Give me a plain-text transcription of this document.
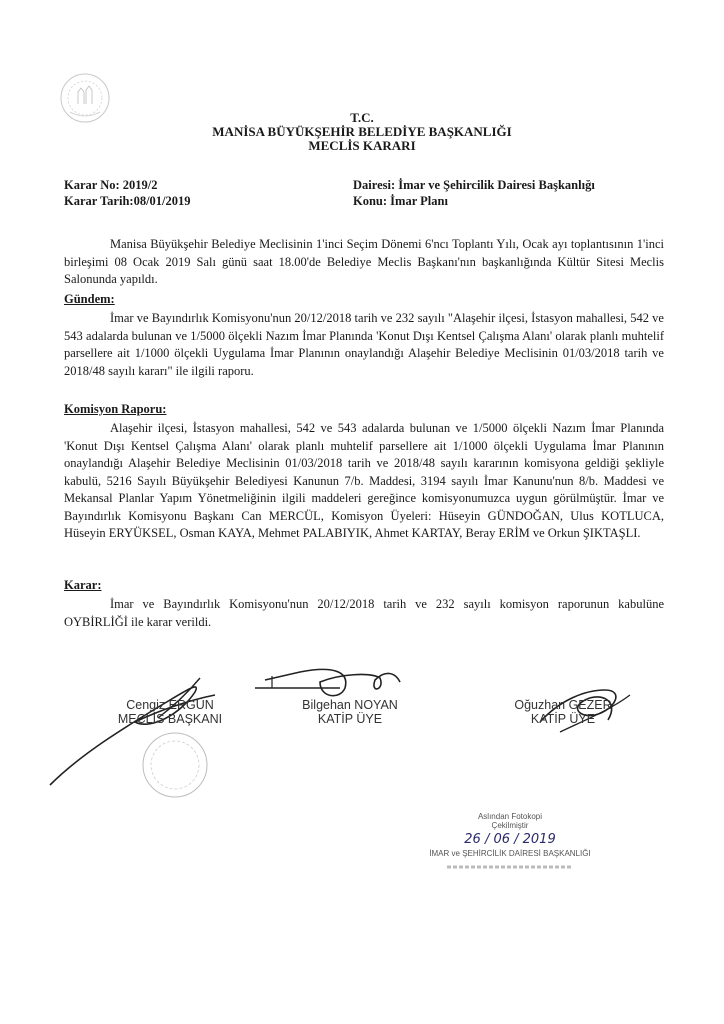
T.C.
MANİSA BÜYÜKŞEHİR BELEDİYE BAŞKANLIĞI
MECLİS KARARI
Karar No: 2019/2
Karar Tarih:08/01/2019
Dairesi: İmar ve Şehircilik Dairesi Başkanlığı
Konu: İmar Planı
Manisa Büyükşehir Belediye Meclisinin 1'inci Seçim Dönemi 6'ncı Toplantı Yılı, Ocak ayı toplantısının 1'inci birleşimi 08 Ocak 2019 Salı günü saat 18.00'de Belediye Meclis Başkanı'nın başkanlığında Kültür Sitesi Meclis Salonunda yapıldı.
Gündem:
İmar ve Bayındırlık Komisyonu'nun 20/12/2018 tarih ve 232 sayılı "Alaşehir ilçesi, İstasyon mahallesi, 542 ve 543 adalarda bulunan ve 1/5000 ölçekli Nazım İmar Planında 'Konut Dışı Kentsel Çalışma Alanı' olarak planlı muhtelif parsellere ait 1/1000 ölçekli Uygulama İmar Planının onaylandığı Alaşehir Belediye Meclisinin 01/03/2018 tarih ve 2018/48 sayılı kararı" ile ilgili raporu.
Komisyon Raporu:
Alaşehir ilçesi, İstasyon mahallesi, 542 ve 543 adalarda bulunan ve 1/5000 ölçekli Nazım İmar Planında 'Konut Dışı Kentsel Çalışma Alanı' olarak planlı muhtelif parsellere ait 1/1000 ölçekli Uygulama İmar Planının onaylandığı Alaşehir Belediye Meclisinin 01/03/2018 tarih ve 2018/48 sayılı kararının komisyona geldiği şekliyle kabulü, 5216 Sayılı Büyükşehir Belediyesi Kanunun 7/b. Maddesi, 3194 sayılı İmar Kanunu'nun 8/b. Maddesi ve Mekansal Planlar Yapım Yönetmeliğinin ilgili maddeleri gereğince komisyonumuzca uygun görülmüştür. İmar ve Bayındırlık Komisyonu Başkanı Can MERCÜL, Komisyon Üyeleri: Hüseyin GÜNDOĞAN, Ulus KOTLUCA, Hüseyin ERYÜKSEL, Osman KAYA, Mehmet PALABIYIK, Ahmet KARTAY, Beray ERİM ve Orkun ŞIKTAŞLI.
Karar:
İmar ve Bayındırlık Komisyonu'nun 20/12/2018 tarih ve 232 sayılı komisyon raporunun kabulüne OYBİRLİĞİ ile karar verildi.
Cengiz ERGÜN
MECLİS BAŞKANI
Bilgehan NOYAN
KATİP ÜYE
Oğuzhan GEZER
KATİP ÜYE
Aslından Fotokopi
Çekilmiştir
26 / 06 / 2019
İMAR ve ŞEHİRCİLİK DAİRESİ BAŞKANLIĞI
